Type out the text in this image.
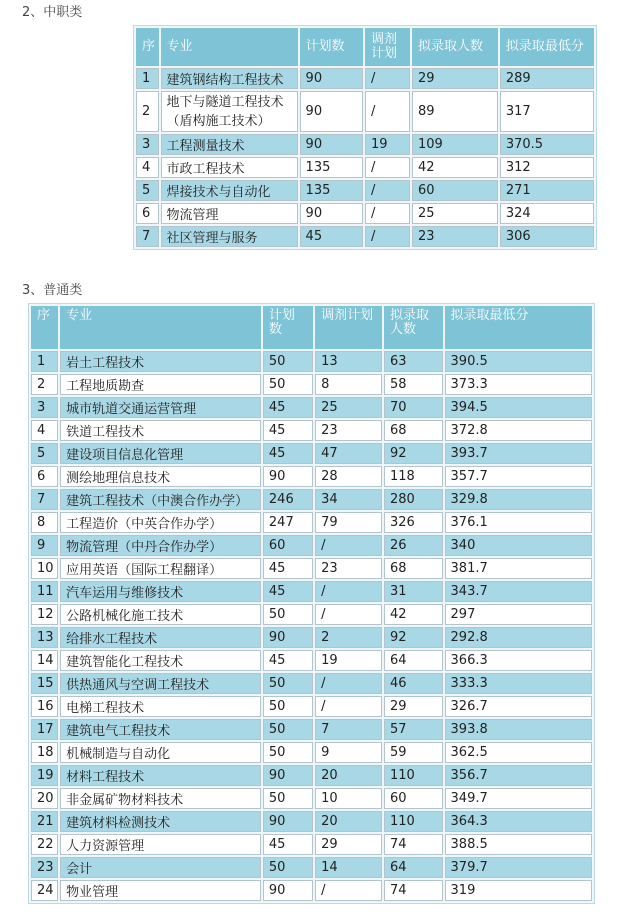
2、中职类
序	专业	计划数	调剂计划	拟录取人数	拟录取最低分
1	建筑钢结构工程技术	90	/	29	289
2	地下与隧道工程技术（盾构施工技术）	90	/	89	317
3	工程测量技术	90	19	109	370.5
4	市政工程技术	135	/	42	312
5	焊接技术与自动化	135	/	60	271
6	物流管理	90	/	25	324
7	社区管理与服务	45	/	23	306
3、普通类
序	专业	计划数	调剂计划	拟录取人数	拟录取最低分
1	岩土工程技术	50	13	63	390.5
2	工程地质勘查	50	8	58	373.3
3	城市轨道交通运营管理	45	25	70	394.5
4	铁道工程技术	45	23	68	372.8
5	建设项目信息化管理	45	47	92	393.7
6	测绘地理信息技术	90	28	118	357.7
7	建筑工程技术（中澳合作办学）	246	34	280	329.8
8	工程造价（中英合作办学）	247	79	326	376.1
9	物流管理（中丹合作办学）	60	/	26	340
10	应用英语（国际工程翻译）	45	23	68	381.7
11	汽车运用与维修技术	45	/	31	343.7
12	公路机械化施工技术	50	/	42	297
13	给排水工程技术	90	2	92	292.8
14	建筑智能化工程技术	45	19	64	366.3
15	供热通风与空调工程技术	50	/	46	333.3
16	电梯工程技术	50	/	29	326.7
17	建筑电气工程技术	50	7	57	393.8
18	机械制造与自动化	50	9	59	362.5
19	材料工程技术	90	20	110	356.7
20	非金属矿物材料技术	50	10	60	349.7
21	建筑材料检测技术	90	20	110	364.3
22	人力资源管理	45	29	74	388.5
23	会计	50	14	64	379.7
24	物业管理	90	/	74	319
